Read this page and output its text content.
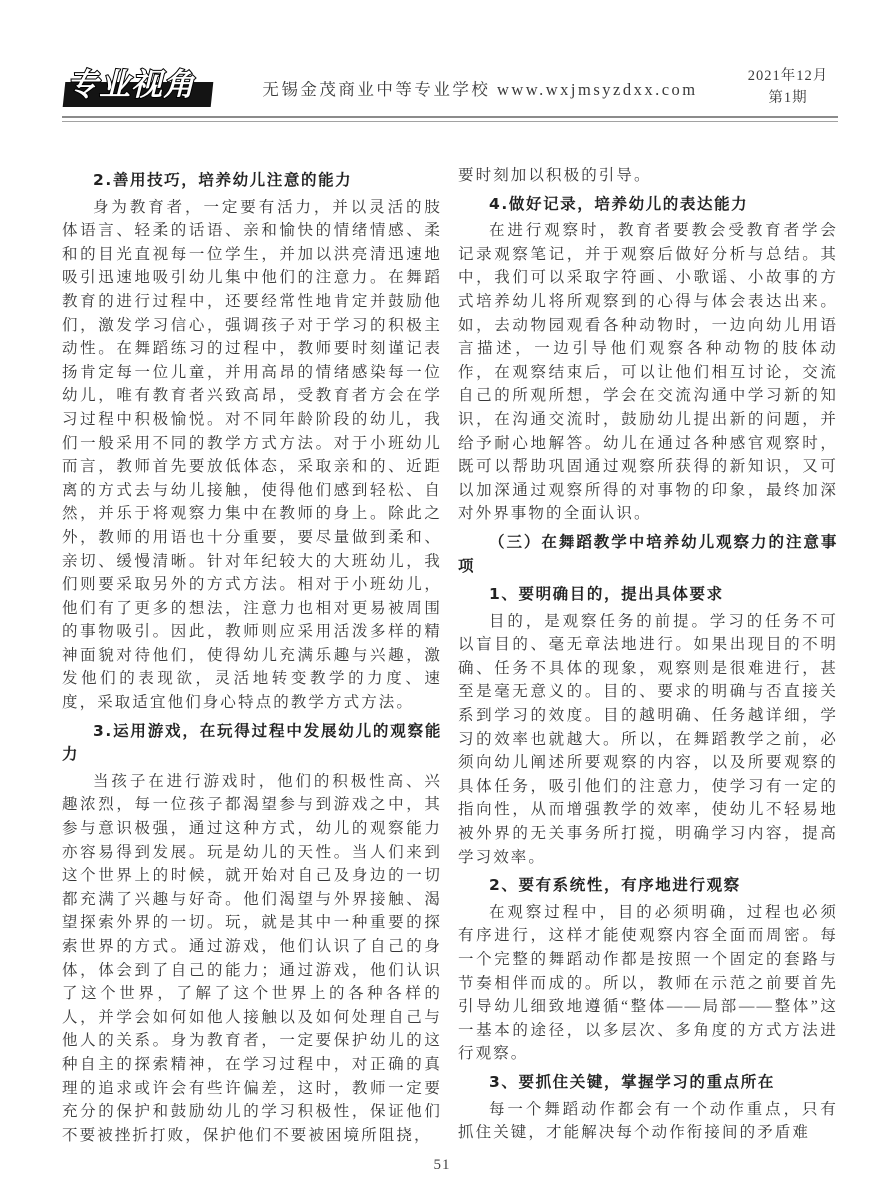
专业视角	无锡金茂商业中等专业学校 www.wxjmsyzdxx.com
2021年12月
第1期
2.善用技巧，培养幼儿注意的能力
身为教育者，一定要有活力，并以灵活的肢体语言、轻柔的话语、亲和愉快的情绪情感、柔和的目光直视每一位学生，并加以洪亮清迅速地吸引迅速地吸引幼儿集中他们的注意力。在舞蹈教育的进行过程中，还要经常性地肯定并鼓励他们，激发学习信心，强调孩子对于学习的积极主动性。在舞蹈练习的过程中，教师要时刻谨记表扬肯定每一位儿童，并用高昂的情绪感染每一位幼儿，唯有教育者兴致高昂，受教育者方会在学习过程中积极愉悦。对不同年龄阶段的幼儿，我们一般采用不同的教学方式方法。对于小班幼儿而言，教师首先要放低体态，采取亲和的、近距离的方式去与幼儿接触，使得他们感到轻松、自然，并乐于将观察力集中在教师的身上。除此之外，教师的用语也十分重要，要尽量做到柔和、亲切、缓慢清晰。针对年纪较大的大班幼儿，我们则要采取另外的方式方法。相对于小班幼儿，他们有了更多的想法，注意力也相对更易被周围的事物吸引。因此，教师则应采用活泼多样的精神面貌对待他们，使得幼儿充满乐趣与兴趣，激发他们的表现欲，灵活地转变教学的力度、速度，采取适宜他们身心特点的教学方式方法。
3.运用游戏，在玩得过程中发展幼儿的观察能力
当孩子在进行游戏时，他们的积极性高、兴趣浓烈，每一位孩子都渴望参与到游戏之中，其参与意识极强，通过这种方式，幼儿的观察能力亦容易得到发展。玩是幼儿的天性。当人们来到这个世界上的时候，就开始对自己及身边的一切都充满了兴趣与好奇。他们渴望与外界接触、渴望探索外界的一切。玩，就是其中一种重要的探索世界的方式。通过游戏，他们认识了自己的身体，体会到了自己的能力；通过游戏，他们认识了这个世界，了解了这个世界上的各种各样的人，并学会如何如他人接触以及如何处理自己与他人的关系。身为教育者，一定要保护幼儿的这种自主的探索精神，在学习过程中，对正确的真理的追求或许会有些许偏差，这时，教师一定要充分的保护和鼓励幼儿的学习积极性，保证他们不要被挫折打败，保护他们不要被困境所阻挠，
要时刻加以积极的引导。
4.做好记录，培养幼儿的表达能力
在进行观察时，教育者要教会受教育者学会记录观察笔记，并于观察后做好分析与总结。其中，我们可以采取字符画、小歌谣、小故事的方式培养幼儿将所观察到的心得与体会表达出来。如，去动物园观看各种动物时，一边向幼儿用语言描述，一边引导他们观察各种动物的肢体动作，在观察结束后，可以让他们相互讨论，交流自己的所观所想，学会在交流沟通中学习新的知识，在沟通交流时，鼓励幼儿提出新的问题，并给予耐心地解答。幼儿在通过各种感官观察时，既可以帮助巩固通过观察所获得的新知识，又可以加深通过观察所得的对事物的印象，最终加深对外界事物的全面认识。
（三）在舞蹈教学中培养幼儿观察力的注意事项
1、要明确目的，提出具体要求
目的，是观察任务的前提。学习的任务不可以盲目的、毫无章法地进行。如果出现目的不明确、任务不具体的现象，观察则是很难进行，甚至是毫无意义的。目的、要求的明确与否直接关系到学习的效度。目的越明确、任务越详细，学习的效率也就越大。所以，在舞蹈教学之前，必须向幼儿阐述所要观察的内容，以及所要观察的具体任务，吸引他们的注意力，使学习有一定的指向性，从而增强教学的效率，使幼儿不轻易地被外界的无关事务所打搅，明确学习内容，提高学习效率。
2、要有系统性，有序地进行观察
在观察过程中，目的必须明确，过程也必须有序进行，这样才能使观察内容全面而周密。每一个完整的舞蹈动作都是按照一个固定的套路与节奏相伴而成的。所以，教师在示范之前要首先引导幼儿细致地遵循“整体——局部——整体”这一基本的途径，以多层次、多角度的方式方法进行观察。
3、要抓住关键，掌握学习的重点所在
每一个舞蹈动作都会有一个动作重点，只有抓住关键，才能解决每个动作衔接间的矛盾难
51
